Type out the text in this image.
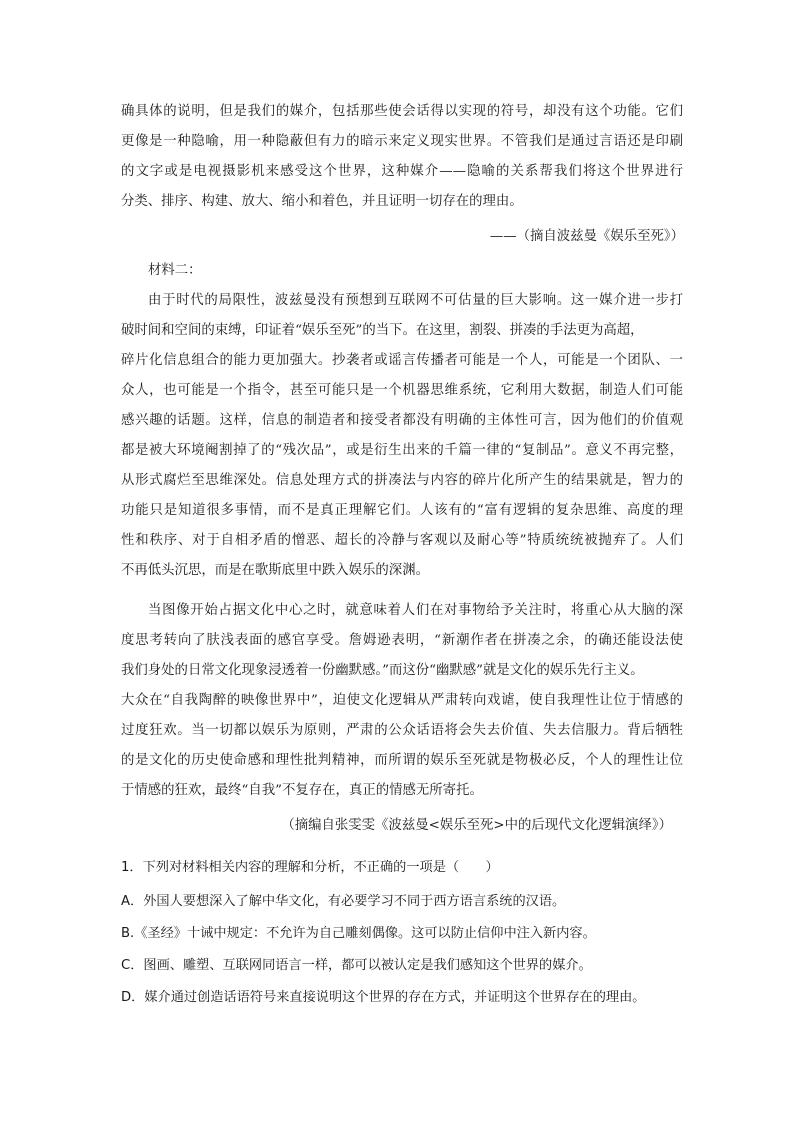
确具体的说明，但是我们的媒介，包括那些使会话得以实现的符号，却没有这个功能。它们
更像是一种隐喻，用一种隐蔽但有力的暗示来定义现实世界。不管我们是通过言语还是印刷
的文字或是电视摄影机来感受这个世界，这种媒介——隐喻的关系帮我们将这个世界进行
分类、排序、构建、放大、缩小和着色，并且证明一切存在的理由。
——（摘自波兹曼《娱乐至死》）
材料二：
由于时代的局限性，波兹曼没有预想到互联网不可估量的巨大影响。这一媒介进一步打
破时间和空间的束缚，印证着“娱乐至死”的当下。在这里，割裂、拼凑的手法更为高超，
碎片化信息组合的能力更加强大。抄袭者或谣言传播者可能是一个人，可能是一个团队、一
众人，也可能是一个指令，甚至可能只是一个机器思维系统，它利用大数据，制造人们可能
感兴趣的话题。这样，信息的制造者和接受者都没有明确的主体性可言，因为他们的价值观
都是被大环境阉割掉了的“残次品”，或是衍生出来的千篇一律的“复制品”。意义不再完整，
从形式腐烂至思维深处。信息处理方式的拼凑法与内容的碎片化所产生的结果就是，智力的
功能只是知道很多事情，而不是真正理解它们。人该有的“富有逻辑的复杂思维、高度的理
性和秩序、对于自相矛盾的憎恶、超长的冷静与客观以及耐心等”特质统统被抛弃了。人们
不再低头沉思，而是在歌斯底里中跌入娱乐的深渊。
当图像开始占据文化中心之时，就意味着人们在对事物给予关注时，将重心从大脑的深
度思考转向了肤浅表面的感官享受。詹姆逊表明，“新潮作者在拼凑之余，的确还能设法使
我们身处的日常文化现象浸透着一份幽默感。”而这份“幽默感”就是文化的娱乐先行主义。
大众在“自我陶醉的映像世界中”，迫使文化逻辑从严肃转向戏谑，使自我理性让位于情感的
过度狂欢。当一切都以娱乐为原则，严肃的公众话语将会失去价值、失去信服力。背后牺牲
的是文化的历史使命感和理性批判精神，而所谓的娱乐至死就是物极必反，个人的理性让位
于情感的狂欢，最终“自我”不复存在，真正的情感无所寄托。
（摘编自张雯雯《波兹曼<娱乐至死>中的后现代文化逻辑演绎》）
1．下列对材料相关内容的理解和分析，不正确的一项是（　　）
A．外国人要想深入了解中华文化，有必要学习不同于西方语言系统的汉语。
B.《圣经》十诫中规定：不允许为自己雕刻偶像。这可以防止信仰中注入新内容。
C．图画、雕塑、互联网同语言一样，都可以被认定是我们感知这个世界的媒介。
D．媒介通过创造话语符号来直接说明这个世界的存在方式，并证明这个世界存在的理由。
